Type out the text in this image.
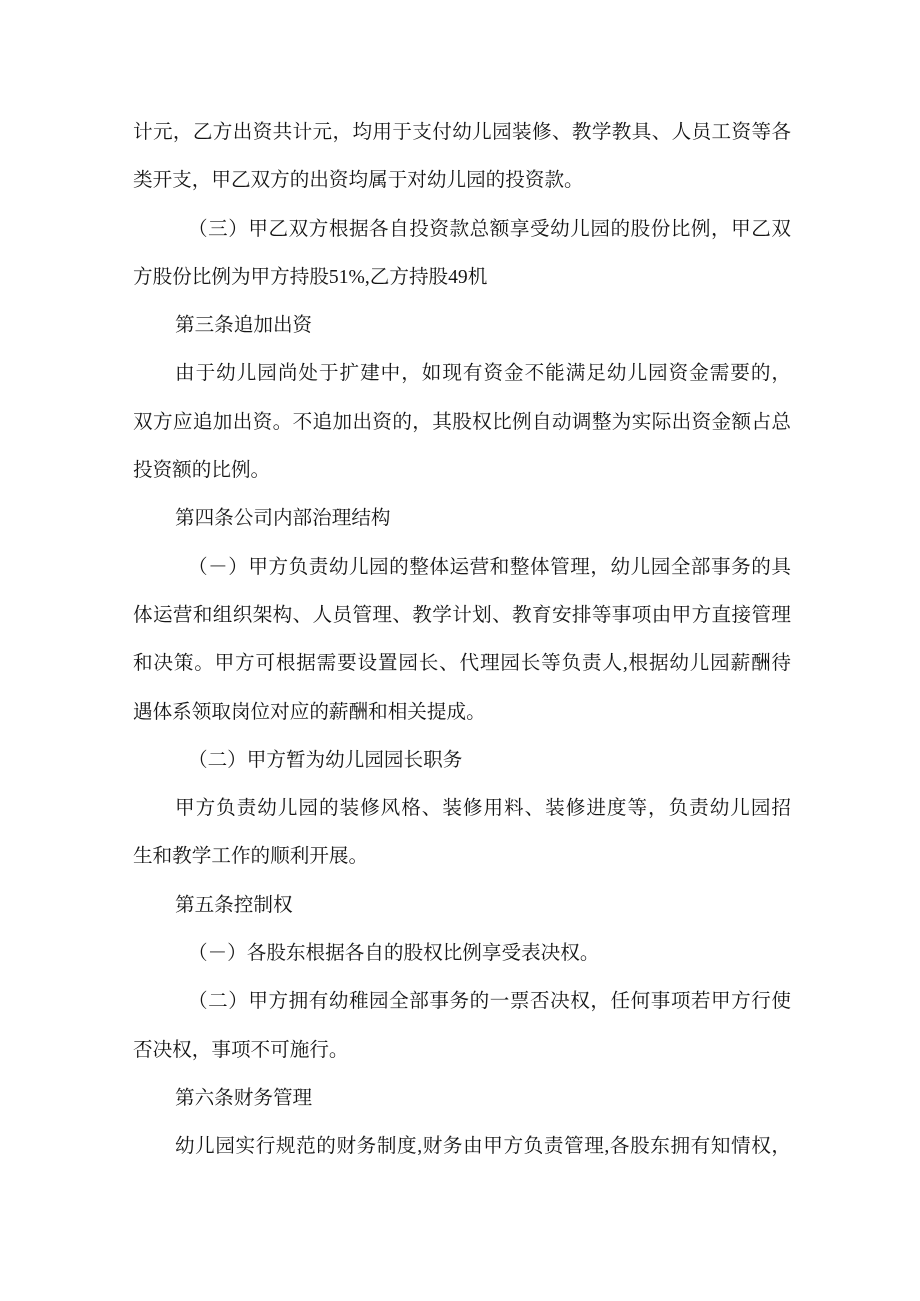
计元，乙方出资共计元，均用于支付幼儿园装修、教学教具、人员工资等各
类开支，甲乙双方的出资均属于对幼儿园的投资款。
（三）甲乙双方根据各自投资款总额享受幼儿园的股份比例，甲乙双
方股份比例为甲方持股51%,乙方持股49机
第三条追加出资
由于幼儿园尚处于扩建中，如现有资金不能满足幼儿园资金需要的，
双方应追加出资。不追加出资的，其股权比例自动调整为实际出资金额占总
投资额的比例。
第四条公司内部治理结构
（－）甲方负责幼儿园的整体运营和整体管理，幼儿园全部事务的具
体运营和组织架构、人员管理、教学计划、教育安排等事项由甲方直接管理
和决策。甲方可根据需要设置园长、代理园长等负责人,根据幼儿园薪酬待
遇体系领取岗位对应的薪酬和相关提成。
（二）甲方暂为幼儿园园长职务
甲方负责幼儿园的装修风格、装修用料、装修进度等，负责幼儿园招
生和教学工作的顺利开展。
第五条控制权
（－）各股东根据各自的股权比例享受表决权。
（二）甲方拥有幼稚园全部事务的一票否决权，任何事项若甲方行使
否决权，事项不可施行。
第六条财务管理
幼儿园实行规范的财务制度,财务由甲方负责管理,各股东拥有知情权，
